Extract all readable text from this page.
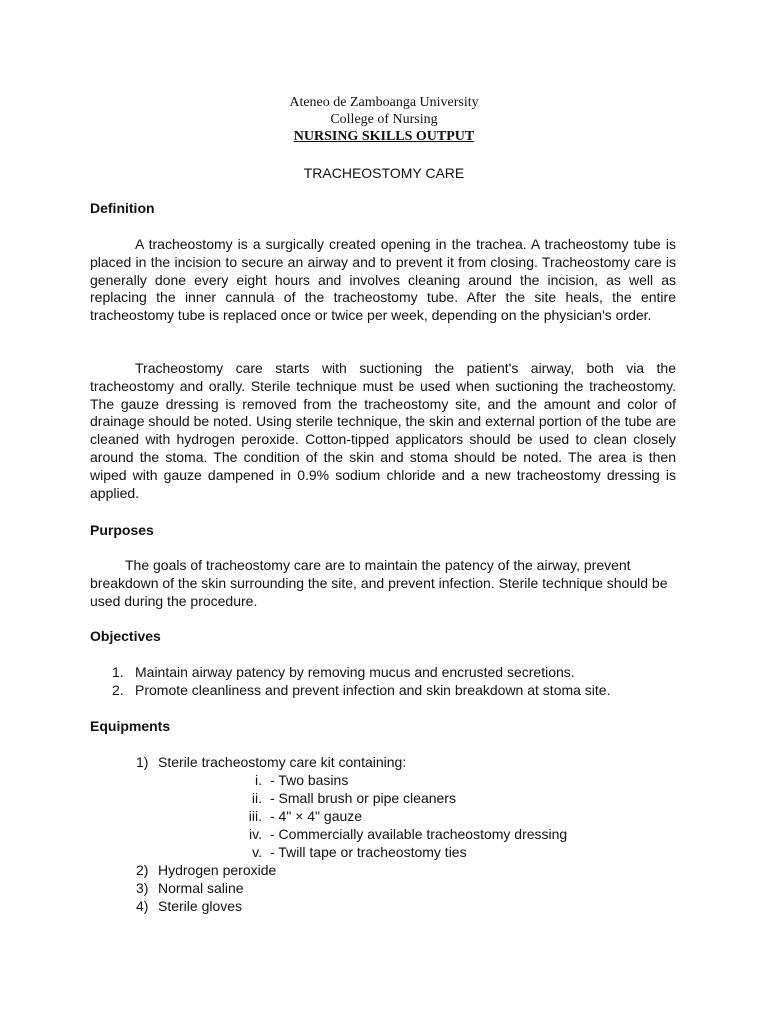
Ateneo de Zamboanga University
College of Nursing
NURSING SKILLS OUTPUT
TRACHEOSTOMY CARE
Definition
A tracheostomy is a surgically created opening in the trachea. A tracheostomy tube is placed in the incision to secure an airway and to prevent it from closing. Tracheostomy care is generally done every eight hours and involves cleaning around the incision, as well as replacing the inner cannula of the tracheostomy tube. After the site heals, the entire tracheostomy tube is replaced once or twice per week, depending on the physician's order.
Tracheostomy care starts with suctioning the patient's airway, both via the tracheostomy and orally. Sterile technique must be used when suctioning the tracheostomy. The gauze dressing is removed from the tracheostomy site, and the amount and color of drainage should be noted. Using sterile technique, the skin and external portion of the tube are cleaned with hydrogen peroxide. Cotton-tipped applicators should be used to clean closely around the stoma. The condition of the skin and stoma should be noted. The area is then wiped with gauze dampened in 0.9% sodium chloride and a new tracheostomy dressing is applied.
Purposes
The goals of tracheostomy care are to maintain the patency of the airway, prevent breakdown of the skin surrounding the site, and prevent infection. Sterile technique should be used during the procedure.
Objectives
1. Maintain airway patency by removing mucus and encrusted secretions.
2. Promote cleanliness and prevent infection and skin breakdown at stoma site.
Equipments
1) Sterile tracheostomy care kit containing:
i. - Two basins
ii. - Small brush or pipe cleaners
iii. - 4" × 4" gauze
iv. - Commercially available tracheostomy dressing
v. - Twill tape or tracheostomy ties
2) Hydrogen peroxide
3) Normal saline
4) Sterile gloves
